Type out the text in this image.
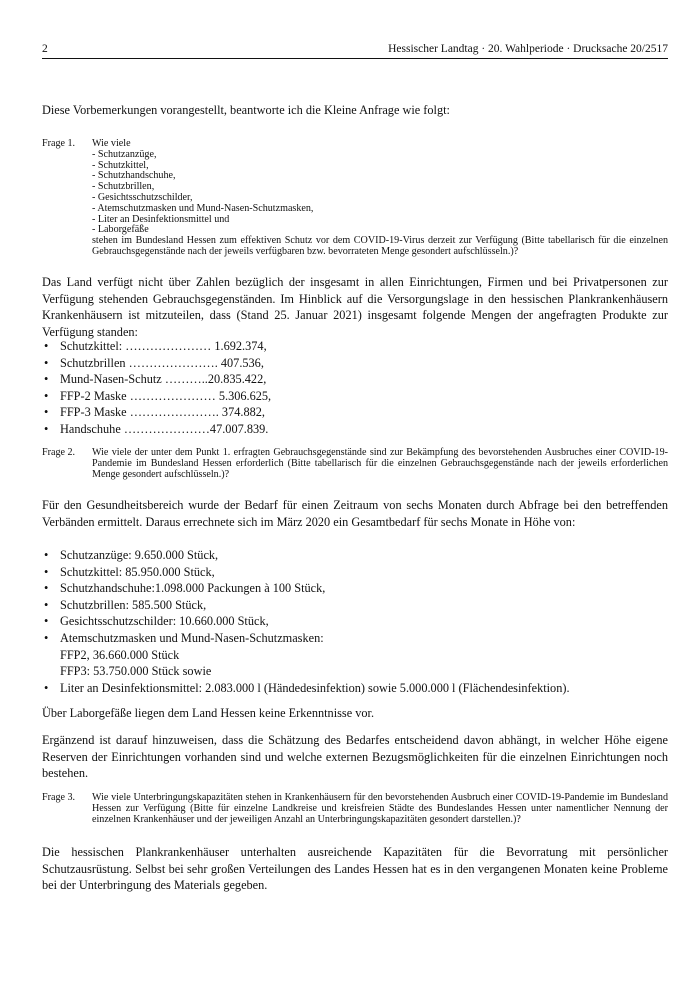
2	Hessischer Landtag · 20. Wahlperiode · Drucksache 20/2517
Diese Vorbemerkungen vorangestellt, beantworte ich die Kleine Anfrage wie folgt:
Frage 1. Wie viele
- Schutzanzüge,
- Schutzkittel,
- Schutzhandschuhe,
- Schutzbrillen,
- Gesichtsschutzschilder,
- Atemschutzmasken und Mund-Nasen-Schutzmasken,
- Liter an Desinfektionsmittel und
- Laborgefäße
stehen im Bundesland Hessen zum effektiven Schutz vor dem COVID-19-Virus derzeit zur Verfügung (Bitte tabellarisch für die einzelnen Gebrauchsgegenstände nach der jeweils verfügbaren bzw. bevorrateten Menge gesondert aufschlüsseln.)?
Das Land verfügt nicht über Zahlen bezüglich der insgesamt in allen Einrichtungen, Firmen und bei Privatpersonen zur Verfügung stehenden Gebrauchsgegenständen. Im Hinblick auf die Versorgungslage in den hessischen Plankrankenhäusern Krankenhäusern ist mitzuteilen, dass (Stand 25. Januar 2021) insgesamt folgende Mengen der angefragten Produkte zur Verfügung standen:
• Schutzkittel: ………………… 1.692.374,
• Schutzbrillen …………………. 407.536,
• Mund-Nasen-Schutz ………..20.835.422,
• FFP-2 Maske ………………… 5.306.625,
• FFP-3 Maske …………………. 374.882,
• Handschuhe …………………47.007.839.
Frage 2. Wie viele der unter dem Punkt 1. erfragten Gebrauchsgegenstände sind zur Bekämpfung des bevorstehenden Ausbruches einer COVID-19-Pandemie im Bundesland Hessen erforderlich (Bitte tabellarisch für die einzelnen Gebrauchsgegenstände nach der jeweils erforderlichen Menge gesondert aufschlüsseln.)?
Für den Gesundheitsbereich wurde der Bedarf für einen Zeitraum von sechs Monaten durch Abfrage bei den betreffenden Verbänden ermittelt. Daraus errechnete sich im März 2020 ein Gesamtbedarf für sechs Monate in Höhe von:
• Schutzanzüge: 9.650.000 Stück,
• Schutzkittel: 85.950.000 Stück,
• Schutzhandschuhe:1.098.000 Packungen à 100 Stück,
• Schutzbrillen: 585.500 Stück,
• Gesichtsschutzschilder: 10.660.000 Stück,
• Atemschutzmasken und Mund-Nasen-Schutzmasken:
FFP2, 36.660.000 Stück
FFP3: 53.750.000 Stück sowie
• Liter an Desinfektionsmittel: 2.083.000 l (Händedesinfektion) sowie 5.000.000 l (Flächendesinfektion).
Über Laborgefäße liegen dem Land Hessen keine Erkenntnisse vor.
Ergänzend ist darauf hinzuweisen, dass die Schätzung des Bedarfes entscheidend davon abhängt, in welcher Höhe eigene Reserven der Einrichtungen vorhanden sind und welche externen Bezugsmöglichkeiten für die einzelnen Einrichtungen noch bestehen.
Frage 3. Wie viele Unterbringungskapazitäten stehen in Krankenhäusern für den bevorstehenden Ausbruch einer COVID-19-Pandemie im Bundesland Hessen zur Verfügung (Bitte für einzelne Landkreise und kreisfreien Städte des Bundeslandes Hessen unter namentlicher Nennung der einzelnen Krankenhäuser und der jeweiligen Anzahl an Unterbringungskapazitäten gesondert darstellen.)?
Die hessischen Plankrankenhäuser unterhalten ausreichende Kapazitäten für die Bevorratung mit persönlicher Schutzausrüstung. Selbst bei sehr großen Verteilungen des Landes Hessen hat es in den vergangenen Monaten keine Probleme bei der Unterbringung des Materials gegeben.
